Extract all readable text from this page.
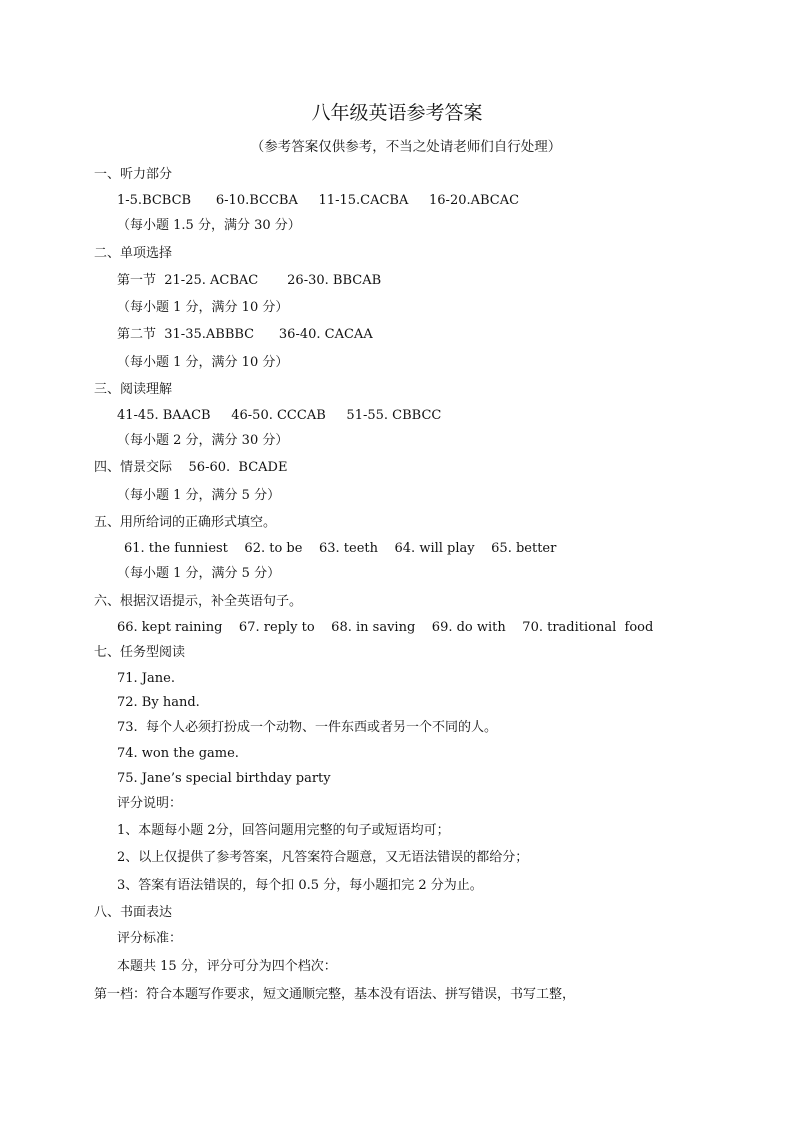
八年级英语参考答案
（参考答案仅供参考，不当之处请老师们自行处理）
一、听力部分
1-5.BCBCB      6-10.BCCBA     11-15.CACBA     16-20.ABCAC
（每小题 1.5 分，满分 30 分）
二、单项选择
第一节  21-25. ACBAC       26-30. BBCAB
（每小题 1 分，满分 10 分）
第二节  31-35.ABBBC      36-40. CACAA
（每小题 1 分，满分 10 分）
三、阅读理解
41-45. BAACB     46-50. CCCAB     51-55. CBBCC
（每小题 2 分，满分 30 分）
四、情景交际    56-60.  BCADE
（每小题 1 分，满分 5 分）
五、用所给词的正确形式填空。
61. the funniest    62. to be    63. teeth    64. will play    65. better
（每小题 1 分，满分 5 分）
六、根据汉语提示，补全英语句子。
66. kept raining    67. reply to    68. in saving    69. do with    70. traditional  food
七、任务型阅读
71. Jane.
72. By hand.
73.  每个人必须打扮成一个动物、一件东西或者另一个不同的人。
74. won the game.
75. Jane’s special birthday party
评分说明：
1、本题每小题 2分，回答问题用完整的句子或短语均可；
2、以上仅提供了参考答案，凡答案符合题意，又无语法错误的都给分；
3、答案有语法错误的，每个扣 0.5 分，每小题扣完 2 分为止。
八、书面表达
评分标准：
本题共 15 分，评分可分为四个档次：
第一档：符合本题写作要求，短文通顺完整，基本没有语法、拼写错误，书写工整，
